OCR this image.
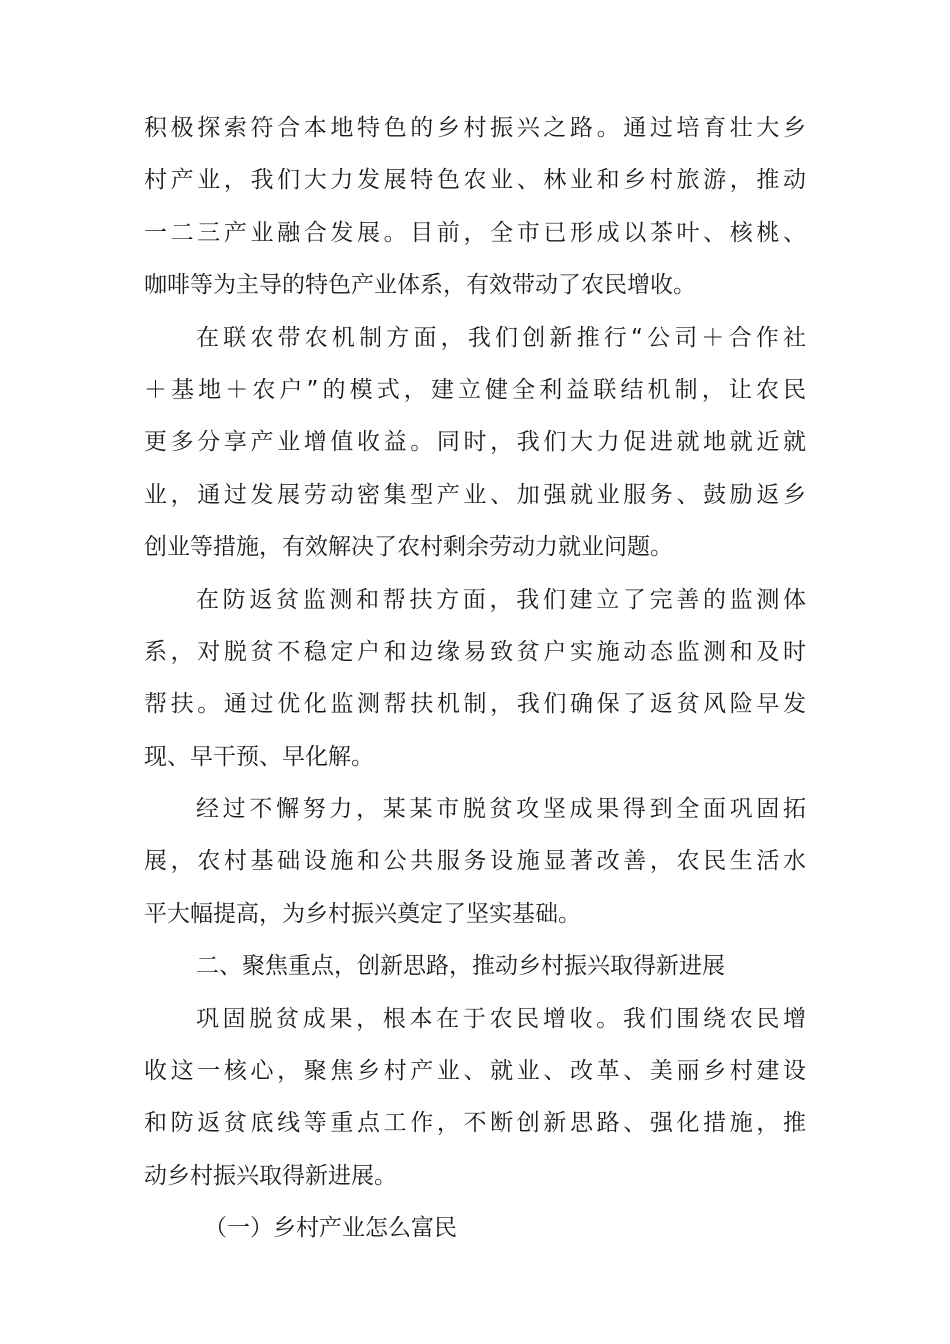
积极探索符合本地特色的乡村振兴之路。通过培育壮大乡
村产业，我们大力发展特色农业、林业和乡村旅游，推动
一二三产业融合发展。目前，全市已形成以茶叶、核桃、
咖啡等为主导的特色产业体系，有效带动了农民增收。
在联农带农机制方面，我们创新推行“公司＋合作社
＋基地＋农户”的模式，建立健全利益联结机制，让农民
更多分享产业增值收益。同时，我们大力促进就地就近就
业，通过发展劳动密集型产业、加强就业服务、鼓励返乡
创业等措施，有效解决了农村剩余劳动力就业问题。
在防返贫监测和帮扶方面，我们建立了完善的监测体
系，对脱贫不稳定户和边缘易致贫户实施动态监测和及时
帮扶。通过优化监测帮扶机制，我们确保了返贫风险早发
现、早干预、早化解。
经过不懈努力，某某市脱贫攻坚成果得到全面巩固拓
展，农村基础设施和公共服务设施显著改善，农民生活水
平大幅提高，为乡村振兴奠定了坚实基础。
二、聚焦重点，创新思路，推动乡村振兴取得新进展
巩固脱贫成果，根本在于农民增收。我们围绕农民增
收这一核心，聚焦乡村产业、就业、改革、美丽乡村建设
和防返贫底线等重点工作，不断创新思路、强化措施，推
动乡村振兴取得新进展。
（一）乡村产业怎么富民
